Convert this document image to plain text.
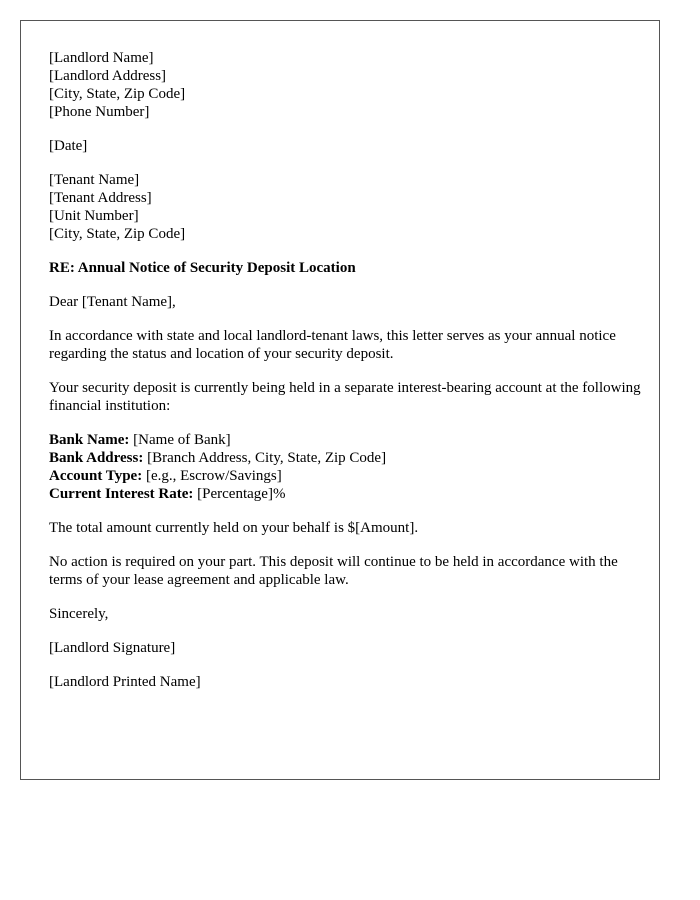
[Landlord Name]
[Landlord Address]
[City, State, Zip Code]
[Phone Number]
[Date]
[Tenant Name]
[Tenant Address]
[Unit Number]
[City, State, Zip Code]
RE: Annual Notice of Security Deposit Location
Dear [Tenant Name],

In accordance with state and local landlord-tenant laws, this letter serves as your annual notice regarding the status and location of your security deposit.

Your security deposit is currently being held in a separate interest-bearing account at the following financial institution:

Bank Name: [Name of Bank]
Bank Address: [Branch Address, City, State, Zip Code]
Account Type: [e.g., Escrow/Savings]
Current Interest Rate: [Percentage]%

The total amount currently held on your behalf is $[Amount].

No action is required on your part. This deposit will continue to be held in accordance with the terms of your lease agreement and applicable law.

Sincerely,
[Landlord Signature]
[Landlord Printed Name]
